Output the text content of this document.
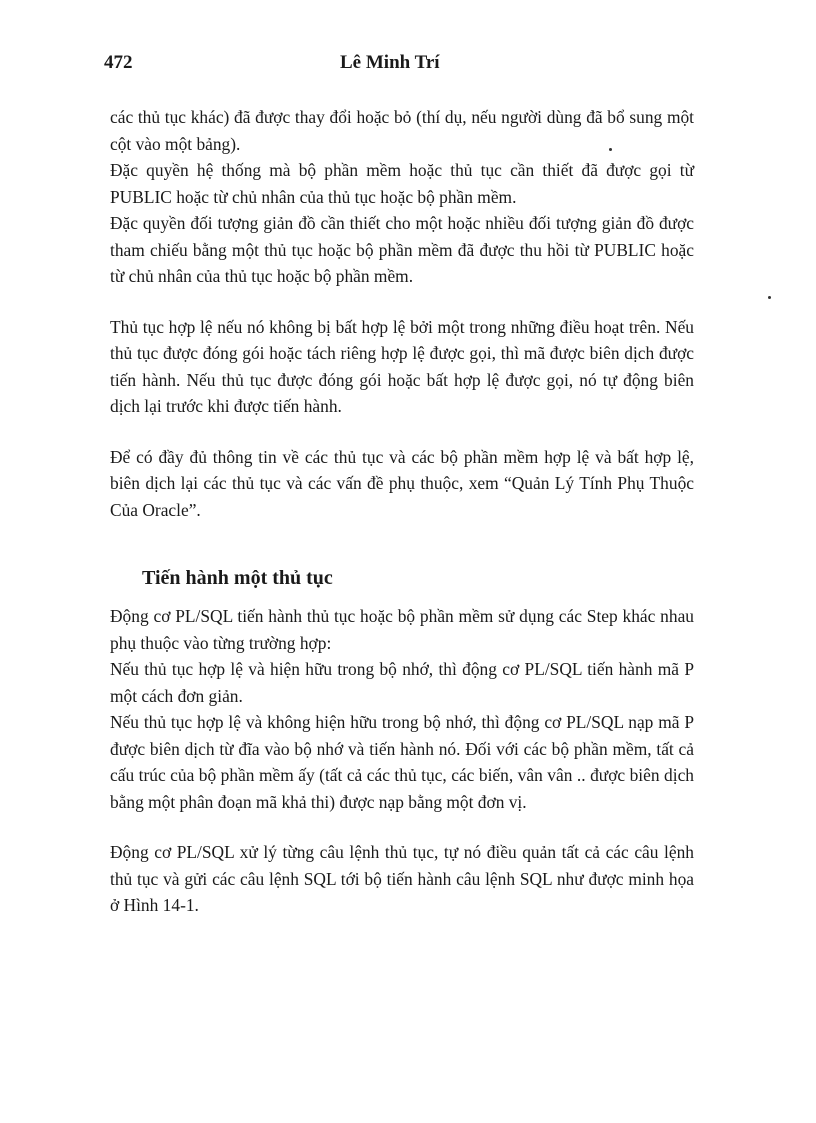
472	Lê Minh Trí

các thủ tục khác) đã được thay đổi hoặc bỏ (thí dụ, nếu người dùng đã bổ sung một cột vào một bảng).

Đặc quyền hệ thống mà bộ phần mềm hoặc thủ tục cần thiết đã được gọi từ PUBLIC hoặc từ chủ nhân của thủ tục hoặc bộ phần mềm.

Đặc quyền đối tượng giản đồ cần thiết cho một hoặc nhiều đối tượng giản đồ được tham chiếu bằng một thủ tục hoặc bộ phần mềm đã được thu hồi từ PUBLIC hoặc từ chủ nhân của thủ tục hoặc bộ phần mềm.

Thủ tục hợp lệ nếu nó không bị bất hợp lệ bởi một trong những điều hoạt trên. Nếu thủ tục được đóng gói hoặc tách riêng hợp lệ được gọi, thì mã được biên dịch được tiến hành. Nếu thủ tục được đóng gói hoặc bất hợp lệ được gọi, nó tự động biên dịch lại trước khi được tiến hành.

Để có đầy đủ thông tin về các thủ tục và các bộ phần mềm hợp lệ và bất hợp lệ, biên dịch lại các thủ tục và các vấn đề phụ thuộc, xem “Quản Lý Tính Phụ Thuộc Của Oracle”.

Tiến hành một thủ tục

Động cơ PL/SQL tiến hành thủ tục hoặc bộ phần mềm sử dụng các Step khác nhau phụ thuộc vào từng trường hợp:

Nếu thủ tục hợp lệ và hiện hữu trong bộ nhớ, thì động cơ PL/SQL tiến hành mã P một cách đơn giản.

Nếu thủ tục hợp lệ và không hiện hữu trong bộ nhớ, thì động cơ PL/SQL nạp mã P được biên dịch từ đĩa vào bộ nhớ và tiến hành nó. Đối với các bộ phần mềm, tất cả cấu trúc của bộ phần mềm ấy (tất cả các thủ tục, các biến, vân vân .. được biên dịch bằng một phân đoạn mã khả thi) được nạp bằng một đơn vị.

Động cơ PL/SQL xử lý từng câu lệnh thủ tục, tự nó điều quản tất cả các câu lệnh thủ tục và gửi các câu lệnh SQL tới bộ tiến hành câu lệnh SQL như được minh họa ở Hình 14-1.
